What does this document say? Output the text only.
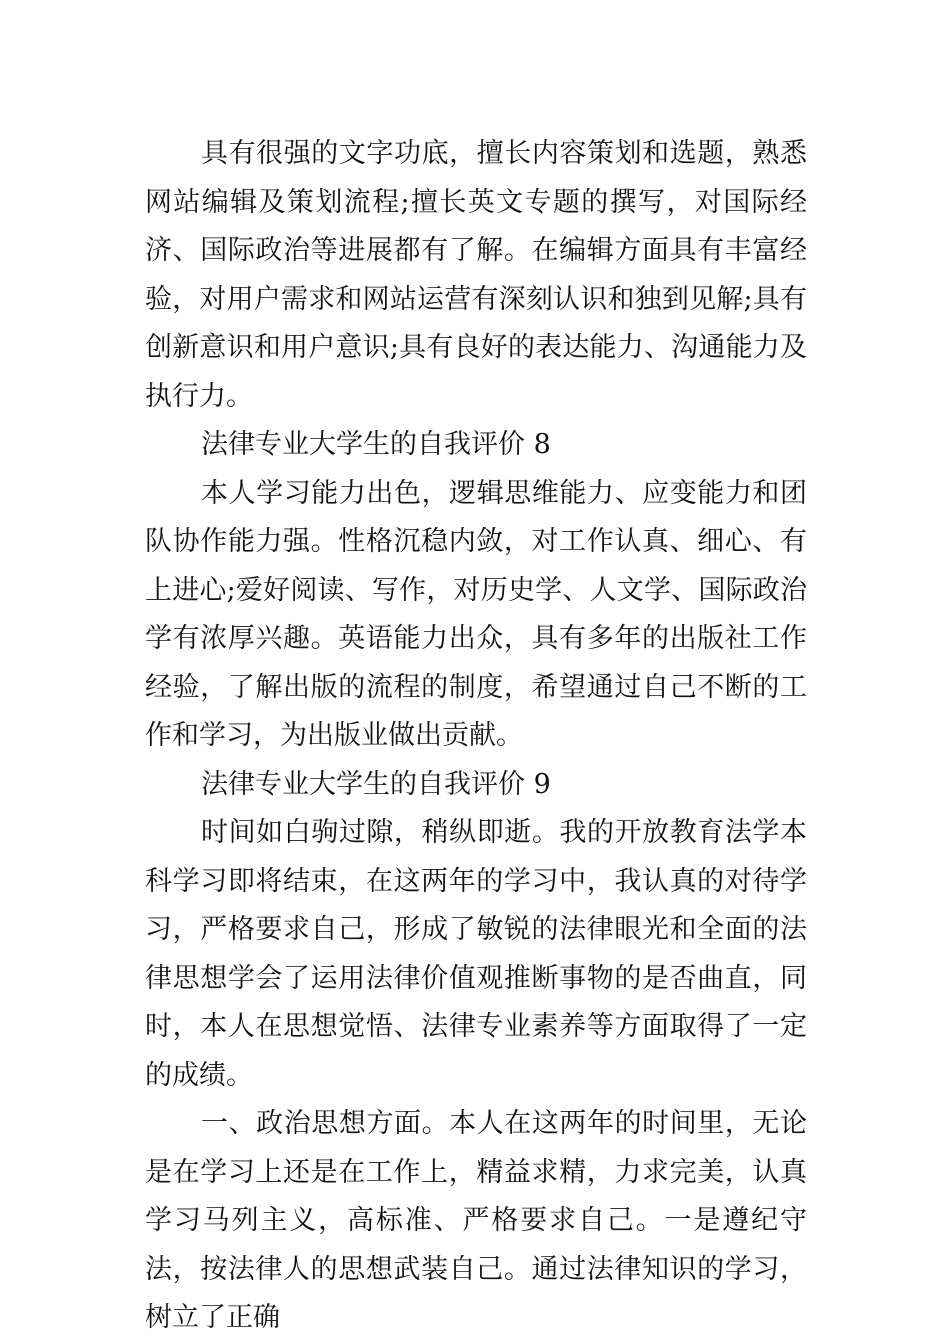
具有很强的文字功底，擅长内容策划和选题，熟悉网站编辑及策划流程;擅长英文专题的撰写，对国际经济、国际政治等进展都有了解。在编辑方面具有丰富经验，对用户需求和网站运营有深刻认识和独到见解;具有创新意识和用户意识;具有良好的表达能力、沟通能力及执行力。

法律专业大学生的自我评价 8

本人学习能力出色，逻辑思维能力、应变能力和团队协作能力强。性格沉稳内敛，对工作认真、细心、有上进心;爱好阅读、写作，对历史学、人文学、国际政治学有浓厚兴趣。英语能力出众，具有多年的出版社工作经验，了解出版的流程的制度，希望通过自己不断的工作和学习，为出版业做出贡献。

法律专业大学生的自我评价 9

时间如白驹过隙，稍纵即逝。我的开放教育法学本科学习即将结束，在这两年的学习中，我认真的对待学习，严格要求自己，形成了敏锐的法律眼光和全面的法律思想学会了运用法律价值观推断事物的是否曲直，同时，本人在思想觉悟、法律专业素养等方面取得了一定的成绩。

一、政治思想方面。本人在这两年的时间里，无论是在学习上还是在工作上，精益求精，力求完美，认真学习马列主义，高标准、严格要求自己。一是遵纪守法，按法律人的思想武装自己。通过法律知识的学习，树立了正确
